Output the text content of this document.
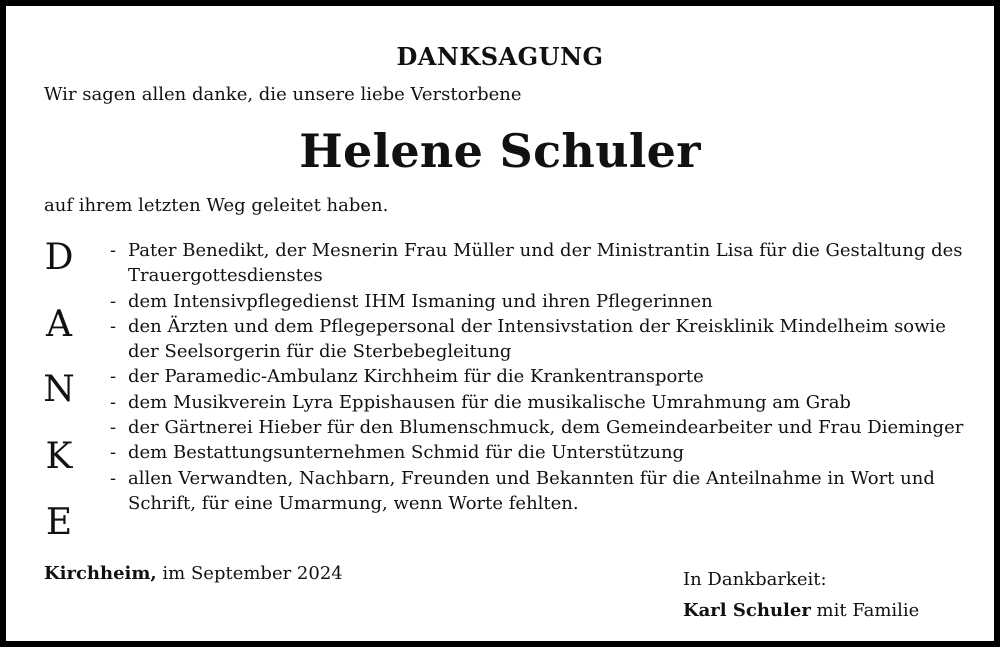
DANKSAGUNG
Wir sagen allen danke, die unsere liebe Verstorbene
Helene Schuler
auf ihrem letzten Weg geleitet haben.
D
A
N
K
E
- Pater Benedikt, der Mesnerin Frau Müller und der Ministrantin Lisa für die Gestaltung des Trauergottesdienstes
- dem Intensivpflegedienst IHM Ismaning und ihren Pflegerinnen
- den Ärzten und dem Pflegepersonal der Intensivstation der Kreisklinik Mindelheim sowie der Seelsorgerin für die Sterbebegleitung
- der Paramedic-Ambulanz Kirchheim für die Krankentransporte
- dem Musikverein Lyra Eppishausen für die musikalische Umrahmung am Grab
- der Gärtnerei Hieber für den Blumenschmuck, dem Gemeindearbeiter und Frau Dieminger
- dem Bestattungsunternehmen Schmid für die Unterstützung
- allen Verwandten, Nachbarn, Freunden und Bekannten für die Anteilnahme in Wort und Schrift, für eine Umarmung, wenn Worte fehlten.
Kirchheim, im September 2024	In Dankbarkeit:
Karl Schuler mit Familie
